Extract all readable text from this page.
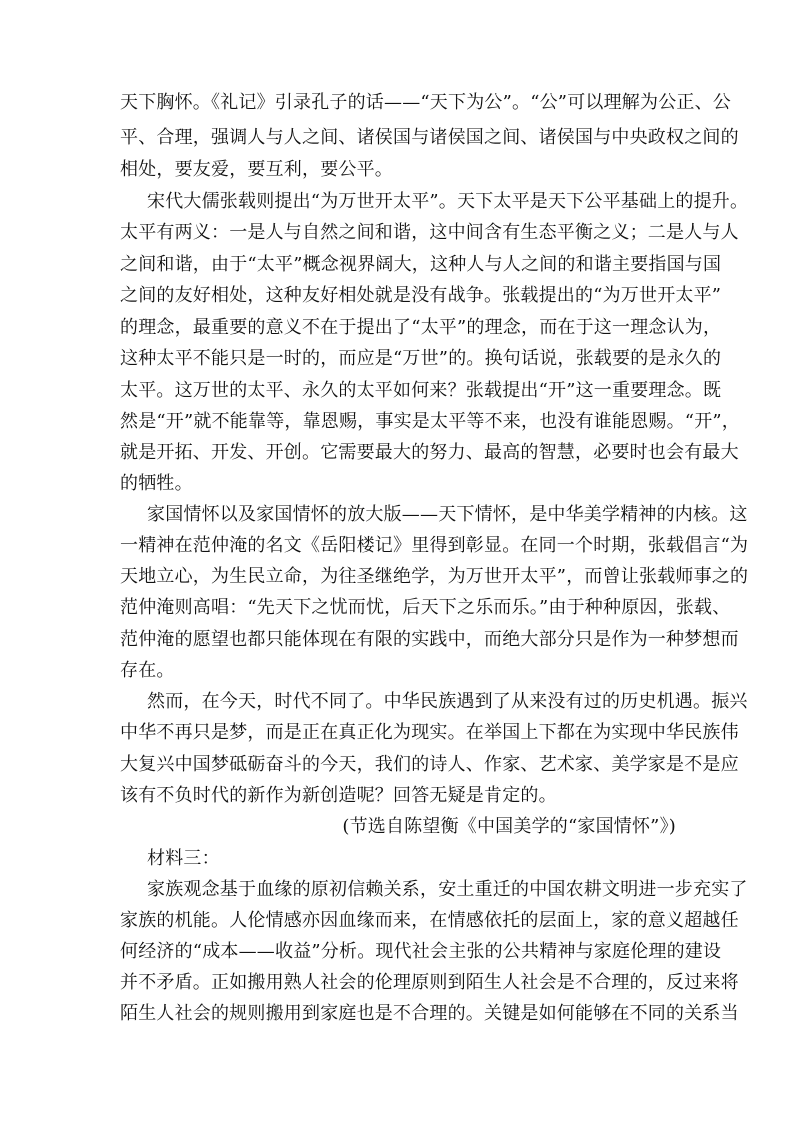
天下胸怀。《礼记》引录孔子的话——“天下为公”。“公”可以理解为公正、公
平、合理，强调人与人之间、诸侯国与诸侯国之间、诸侯国与中央政权之间的
相处，要友爱，要互利，要公平。
宋代大儒张载则提出“为万世开太平”。天下太平是天下公平基础上的提升。
太平有两义：一是人与自然之间和谐，这中间含有生态平衡之义；二是人与人
之间和谐，由于“太平”概念视界阔大，这种人与人之间的和谐主要指国与国
之间的友好相处，这种友好相处就是没有战争。张载提出的“为万世开太平”
的理念，最重要的意义不在于提出了“太平”的理念，而在于这一理念认为，
这种太平不能只是一时的，而应是“万世”的。换句话说，张载要的是永久的
太平。这万世的太平、永久的太平如何来？张载提出“开”这一重要理念。既
然是“开”就不能靠等，靠恩赐，事实是太平等不来，也没有谁能恩赐。“开”，
就是开拓、开发、开创。它需要最大的努力、最高的智慧，必要时也会有最大
的牺牲。
家国情怀以及家国情怀的放大版——天下情怀，是中华美学精神的内核。这
一精神在范仲淹的名文《岳阳楼记》里得到彰显。在同一个时期，张载倡言“为
天地立心，为生民立命，为往圣继绝学，为万世开太平”，而曾让张载师事之的
范仲淹则高唱：“先天下之忧而忧，后天下之乐而乐。”由于种种原因，张载、
范仲淹的愿望也都只能体现在有限的实践中，而绝大部分只是作为一种梦想而
存在。
然而，在今天，时代不同了。中华民族遇到了从来没有过的历史机遇。振兴
中华不再只是梦，而是正在真正化为现实。在举国上下都在为实现中华民族伟
大复兴中国梦砥砺奋斗的今天，我们的诗人、作家、艺术家、美学家是不是应
该有不负时代的新作为新创造呢？回答无疑是肯定的。
(节选自陈望衡《中国美学的“家国情怀”》)
材料三：
家族观念基于血缘的原初信赖关系，安土重迁的中国农耕文明进一步充实了
家族的机能。人伦情感亦因血缘而来，在情感依托的层面上，家的意义超越任
何经济的“成本——收益”分析。现代社会主张的公共精神与家庭伦理的建设
并不矛盾。正如搬用熟人社会的伦理原则到陌生人社会是不合理的，反过来将
陌生人社会的规则搬用到家庭也是不合理的。关键是如何能够在不同的关系当
